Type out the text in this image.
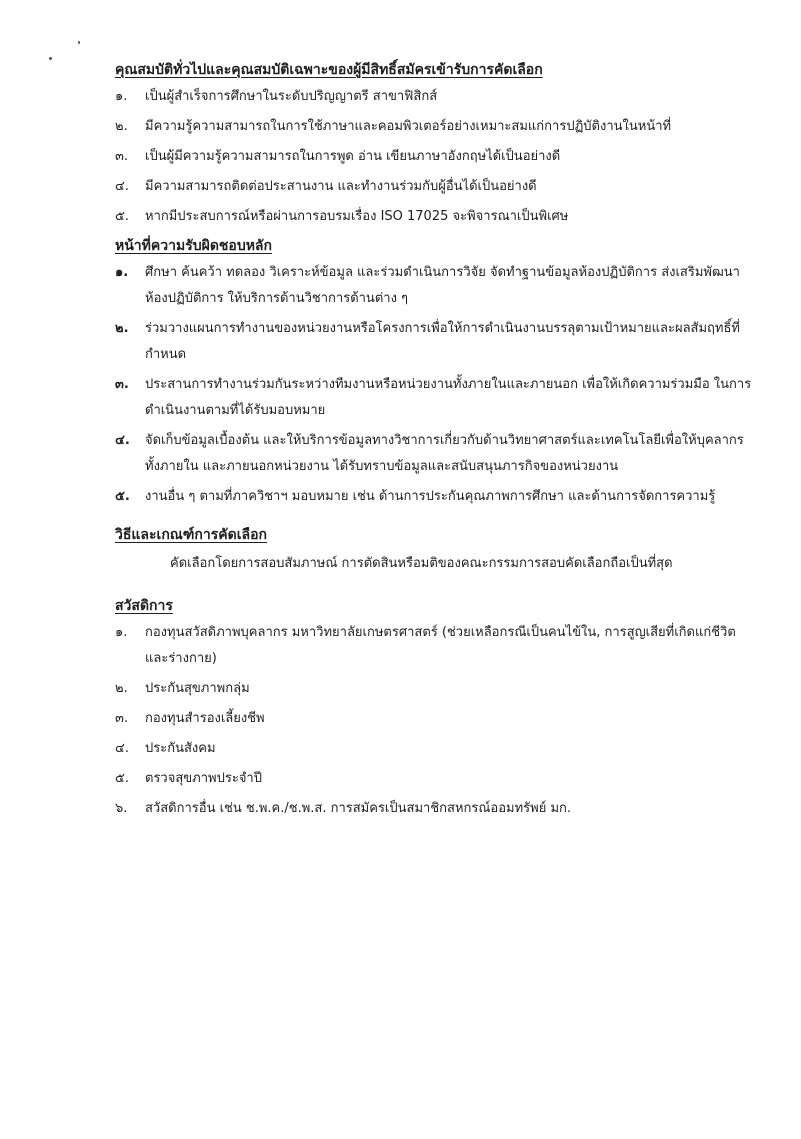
คุณสมบัติทั่วไปและคุณสมบัติเฉพาะของผู้มีสิทธิ์สมัครเข้ารับการคัดเลือก
๑.	เป็นผู้สำเร็จการศึกษาในระดับปริญญาตรี สาขาฟิสิกส์
๒.	มีความรู้ความสามารถในการใช้ภาษาและคอมพิวเตอร์อย่างเหมาะสมแก่การปฏิบัติงานในหน้าที่
๓.	เป็นผู้มีความรู้ความสามารถในการพูด อ่าน เขียนภาษาอังกฤษได้เป็นอย่างดี
๔.	มีความสามารถติดต่อประสานงาน และทำงานร่วมกับผู้อื่นได้เป็นอย่างดี
๕.	หากมีประสบการณ์หรือผ่านการอบรมเรื่อง ISO 17025 จะพิจารณาเป็นพิเศษ
หน้าที่ความรับผิดชอบหลัก
๑.	ศึกษา ค้นคว้า ทดลอง วิเคราะห์ข้อมูล และร่วมดำเนินการวิจัย จัดทำฐานข้อมูลห้องปฏิบัติการ ส่งเสริมพัฒนาห้องปฏิบัติการ ให้บริการด้านวิชาการด้านต่าง ๆ
๒.	ร่วมวางแผนการทำงานของหน่วยงานหรือโครงการเพื่อให้การดำเนินงานบรรลุตามเป้าหมายและผลสัมฤทธิ์ที่กำหนด
๓.	ประสานการทำงานร่วมกันระหว่างทีมงานหรือหน่วยงานทั้งภายในและภายนอก เพื่อให้เกิดความร่วมมือ ในการดำเนินงานตามที่ได้รับมอบหมาย
๔.	จัดเก็บข้อมูลเบื้องต้น และให้บริการข้อมูลทางวิชาการเกี่ยวกับด้านวิทยาศาสตร์และเทคโนโลยีเพื่อให้บุคลากรทั้งภายใน และภายนอกหน่วยงาน ได้รับทราบข้อมูลและสนับสนุนภารกิจของหน่วยงาน
๕.	งานอื่น ๆ ตามที่ภาควิชาฯ มอบหมาย เช่น ด้านการประกันคุณภาพการศึกษา และด้านการจัดการความรู้
วิธีและเกณฑ์การคัดเลือก
คัดเลือกโดยการสอบสัมภาษณ์ การตัดสินหรือมติของคณะกรรมการสอบคัดเลือกถือเป็นที่สุด
สวัสดิการ
๑.	กองทุนสวัสดิภาพบุคลากร มหาวิทยาลัยเกษตรศาสตร์ (ช่วยเหลือกรณีเป็นคนไข้ใน, การสูญเสียที่เกิดแก่ชีวิตและร่างกาย)
๒.	ประกันสุขภาพกลุ่ม
๓.	กองทุนสำรองเลี้ยงชีพ
๔.	ประกันสังคม
๕.	ตรวจสุขภาพประจำปี
๖.	สวัสดิการอื่น เช่น ช.พ.ค./ช.พ.ส. การสมัครเป็นสมาชิกสหกรณ์ออมทรัพย์ มก.
